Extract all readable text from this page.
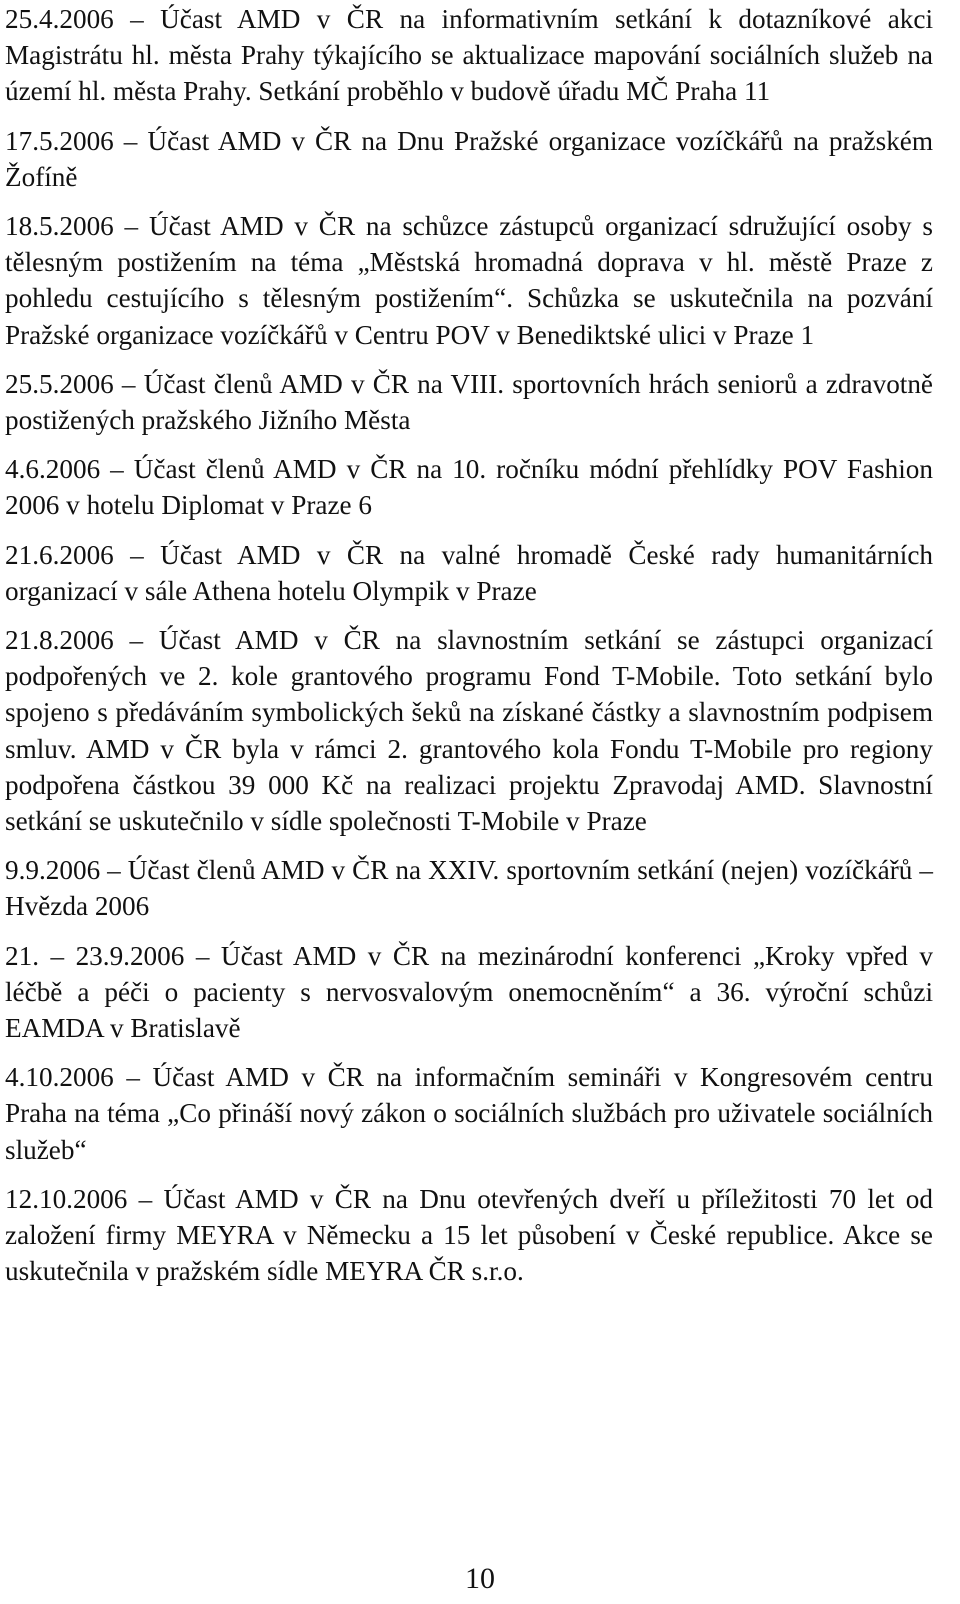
25.4.2006 – Účast AMD v ČR na informativním setkání k dotazníkové akci Magistrátu hl. města Prahy týkajícího se aktualizace mapování sociálních služeb na území hl. města Prahy. Setkání proběhlo v budově úřadu MČ Praha 11

17.5.2006 – Účast AMD v ČR na Dnu Pražské organizace vozíčkářů na pražském Žofíně

18.5.2006 – Účast AMD v ČR na schůzce zástupců organizací sdružující osoby s tělesným postižením na téma „Městská hromadná doprava v hl. městě Praze z pohledu cestujícího s tělesným postižením“. Schůzka se uskutečnila na pozvání Pražské organizace vozíčkářů v Centru POV v Benediktské ulici v Praze 1

25.5.2006 – Účast členů AMD v ČR na VIII. sportovních hrách seniorů a zdravotně postižených pražského Jižního Města

4.6.2006 – Účast členů AMD v ČR na 10. ročníku módní přehlídky POV Fashion 2006 v hotelu Diplomat v Praze 6

21.6.2006 – Účast AMD v ČR na valné hromadě České rady humanitárních organizací v sále Athena hotelu Olympik v Praze

21.8.2006 – Účast AMD v ČR na slavnostním setkání se zástupci organizací podpořených ve 2. kole grantového programu Fond T-Mobile. Toto setkání bylo spojeno s předáváním symbolických šeků na získané částky a slavnostním podpisem smluv. AMD v ČR byla v rámci 2. grantového kola Fondu T-Mobile pro regiony podpořena částkou 39 000 Kč na realizaci projektu Zpravodaj AMD. Slavnostní setkání se uskutečnilo v sídle společnosti T-Mobile v Praze

9.9.2006 – Účast členů AMD v ČR na XXIV. sportovním setkání (nejen) vozíčkářů – Hvězda 2006

21. – 23.9.2006 – Účast AMD v ČR na mezinárodní konferenci „Kroky vpřed v léčbě a péči o pacienty s nervosvalovým onemocněním“ a 36. výroční schůzi EAMDA v Bratislavě

4.10.2006 – Účast AMD v ČR na informačním semináři v Kongresovém centru Praha na téma „Co přináší nový zákon o sociálních službách pro uživatele sociálních služeb“

12.10.2006 – Účast AMD v ČR na Dnu otevřených dveří u příležitosti 70 let od založení firmy MEYRA v Německu a 15 let působení v České republice. Akce se uskutečnila v pražském sídle MEYRA ČR s.r.o.

10
